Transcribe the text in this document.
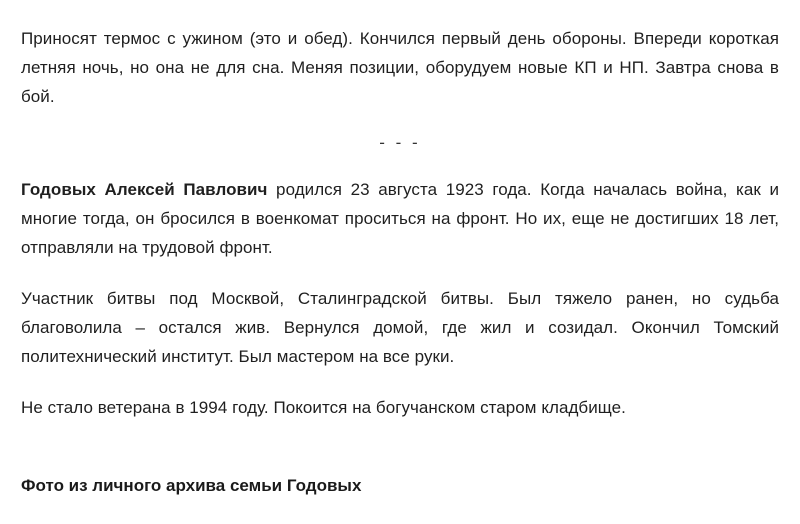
Приносят термос с ужином (это и обед). Кончился первый день обороны. Впереди короткая летняя ночь, но она не для сна. Меняя позиции, оборудуем новые КП и НП. Завтра снова в бой.

- - -

Годовых Алексей Павлович родился 23 августа 1923 года. Когда началась война, как и многие тогда, он бросился в военкомат проситься на фронт. Но их, еще не достигших 18 лет, отправляли на трудовой фронт.

Участник битвы под Москвой, Сталинградской битвы. Был тяжело ранен, но судьба благоволила – остался жив. Вернулся домой, где жил и созидал. Окончил Томский политехнический институт. Был мастером на все руки.

Не стало ветерана в 1994 году. Покоится на богучанском старом кладбище.

Фото из личного архива семьи Годовых
